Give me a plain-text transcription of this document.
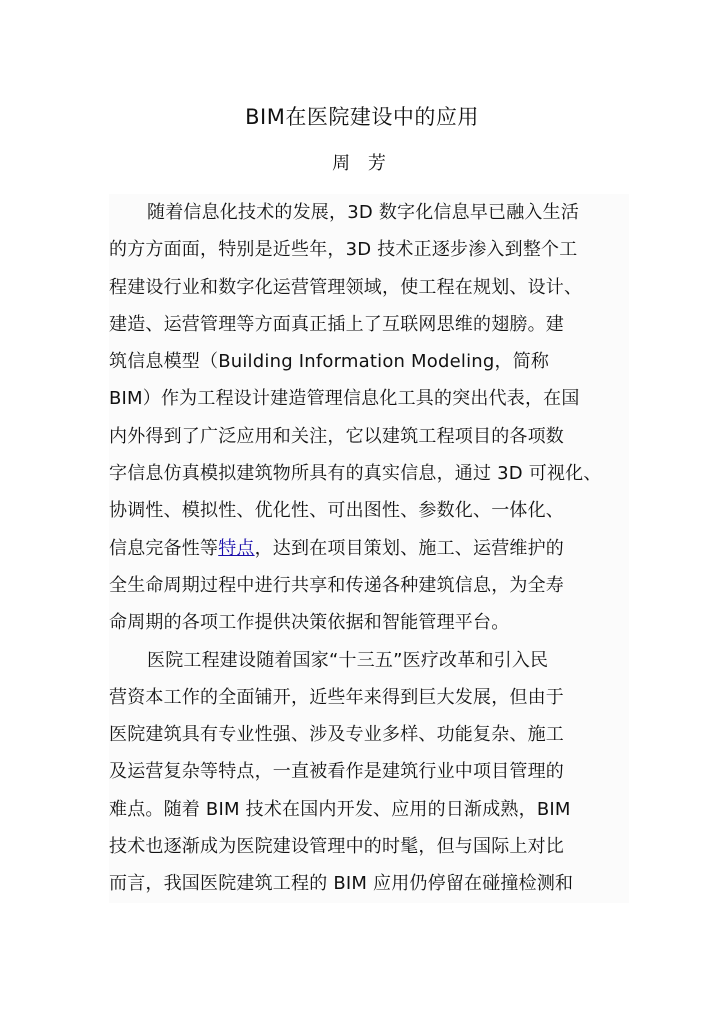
BIM在医院建设中的应用
周 芳
随着信息化技术的发展，3D 数字化信息早已融入生活
的方方面面，特别是近些年，3D 技术正逐步渗入到整个工
程建设行业和数字化运营管理领域，使工程在规划、设计、
建造、运营管理等方面真正插上了互联网思维的翅膀。建
筑信息模型（Building Information Modeling，简称
BIM）作为工程设计建造管理信息化工具的突出代表，在国
内外得到了广泛应用和关注，它以建筑工程项目的各项数
字信息仿真模拟建筑物所具有的真实信息，通过 3D 可视化、
协调性、模拟性、优化性、可出图性、参数化、一体化、
信息完备性等特点，达到在项目策划、施工、运营维护的
全生命周期过程中进行共享和传递各种建筑信息，为全寿
命周期的各项工作提供决策依据和智能管理平台。
医院工程建设随着国家“十三五”医疗改革和引入民
营资本工作的全面铺开，近些年来得到巨大发展，但由于
医院建筑具有专业性强、涉及专业多样、功能复杂、施工
及运营复杂等特点，一直被看作是建筑行业中项目管理的
难点。随着 BIM 技术在国内开发、应用的日渐成熟，BIM
技术也逐渐成为医院建设管理中的时髦，但与国际上对比
而言，我国医院建筑工程的 BIM 应用仍停留在碰撞检测和
